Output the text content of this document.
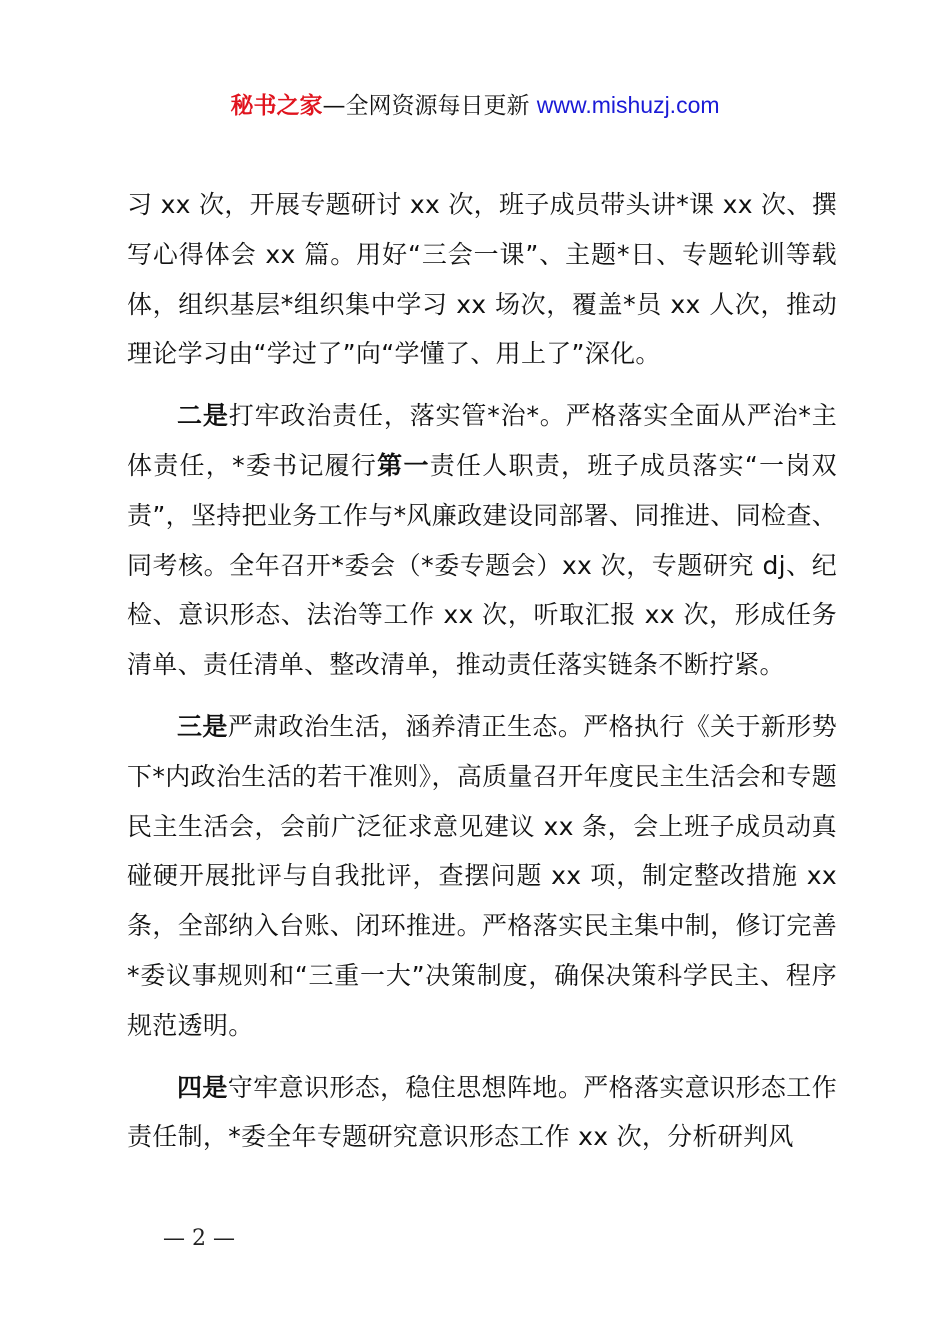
秘书之家—全网资源每日更新 www.mishuzj.com

习 xx 次，开展专题研讨 xx 次，班子成员带头讲*课 xx 次、撰写心得体会 xx 篇。用好“三会一课”、主题*日、专题轮训等载体，组织基层*组织集中学习 xx 场次，覆盖*员 xx 人次，推动理论学习由“学过了”向“学懂了、用上了”深化。

二是打牢政治责任，落实管*治*。严格落实全面从严治*主体责任，*委书记履行第一责任人职责，班子成员落实“一岗双责”，坚持把业务工作与*风廉政建设同部署、同推进、同检查、同考核。全年召开*委会（*委专题会）xx 次，专题研究 dj、纪检、意识形态、法治等工作 xx 次，听取汇报 xx 次，形成任务清单、责任清单、整改清单，推动责任落实链条不断拧紧。

三是严肃政治生活，涵养清正生态。严格执行《关于新形势下*内政治生活的若干准则》，高质量召开年度民主生活会和专题民主生活会，会前广泛征求意见建议 xx 条，会上班子成员动真碰硬开展批评与自我批评，查摆问题 xx 项，制定整改措施 xx 条，全部纳入台账、闭环推进。严格落实民主集中制，修订完善*委议事规则和“三重一大”决策制度，确保决策科学民主、程序规范透明。

四是守牢意识形态，稳住思想阵地。严格落实意识形态工作责任制，*委全年专题研究意识形态工作 xx 次，分析研判风

— 2 —
